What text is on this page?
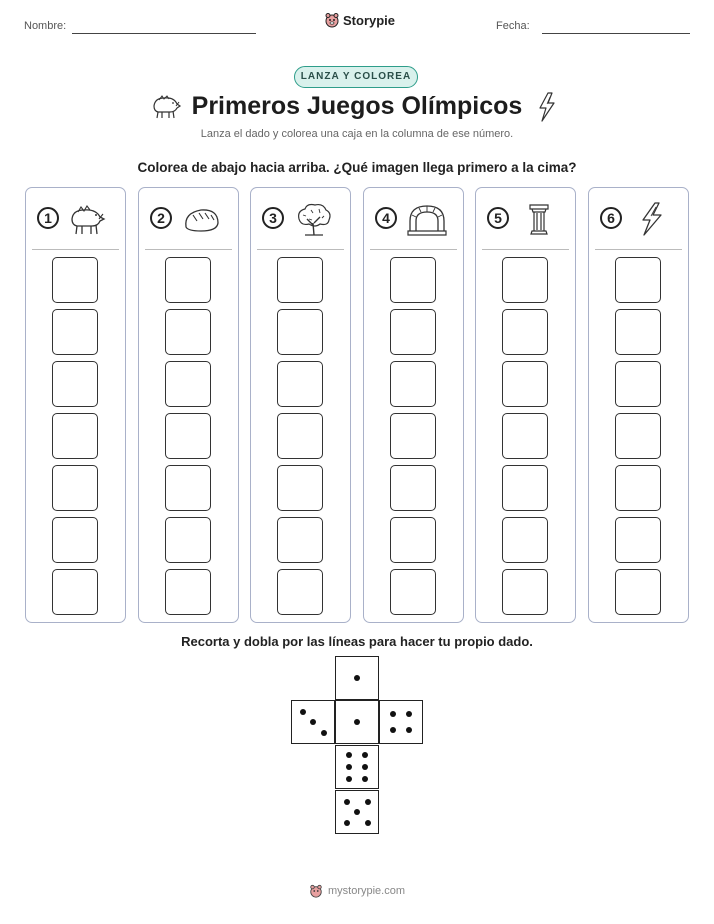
Nombre:	Storypie	Fecha:
LANZA Y COLOREA
Primeros Juegos Olímpicos
Lanza el dado y colorea una caja en la columna de ese número.
Colorea de abajo hacia arriba. ¿Qué imagen llega primero a la cima?
1	2	3	4	5	6
Recorta y dobla por las líneas para hacer tu propio dado.
mystorypie.com
